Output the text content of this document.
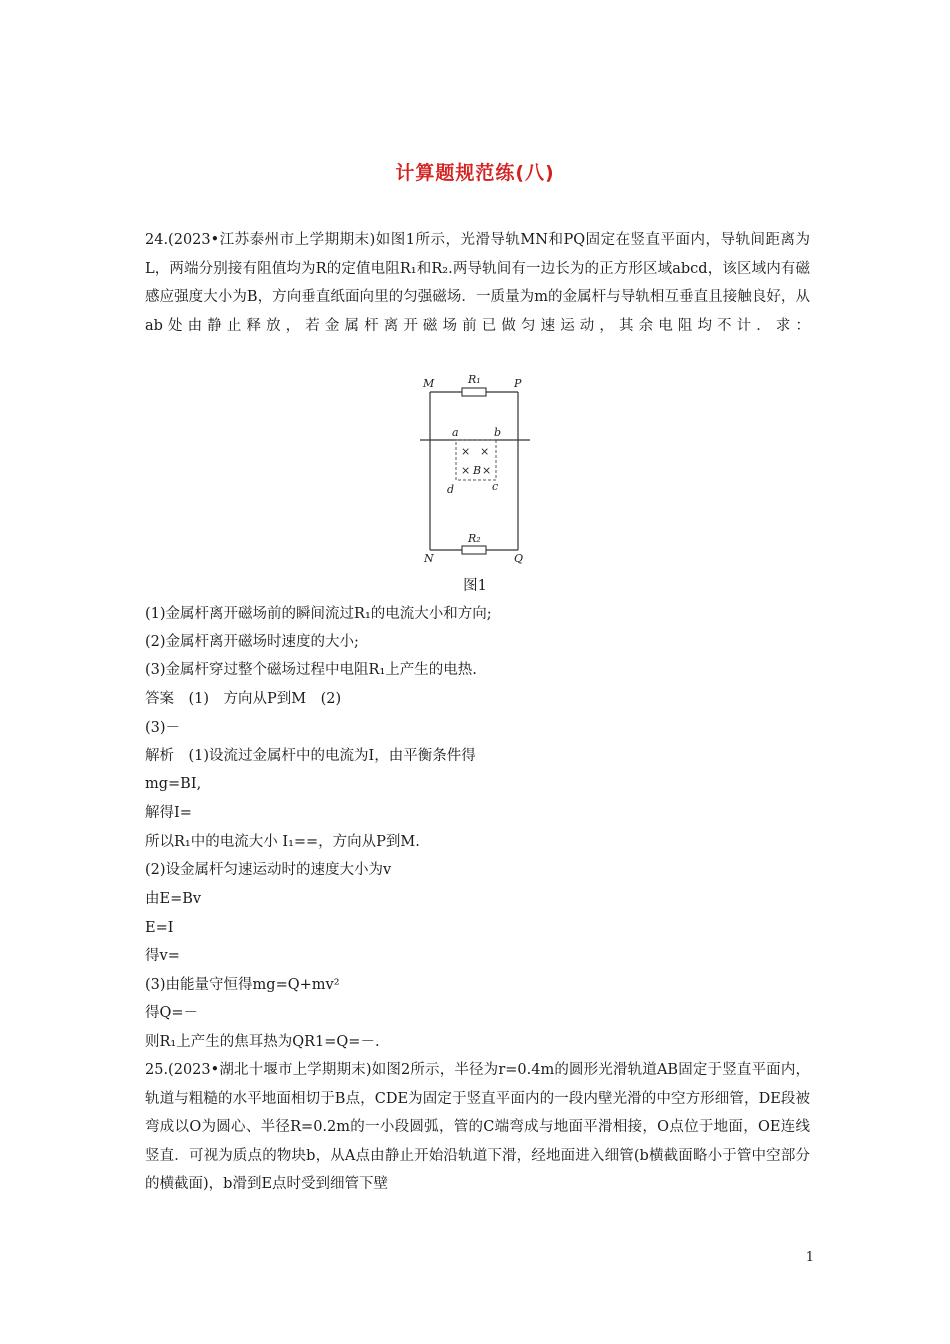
计算题规范练(八)
24.(2023•江苏泰州市上学期期末)如图1所示，光滑导轨MN和PQ固定在竖直平面内，导轨间距离为L，两端分别接有阻值均为R的定值电阻R₁和R₂.两导轨间有一边长为的正方形区域abcd，该区域内有磁感应强度大小为B，方向垂直纸面向里的匀强磁场．一质量为m的金属杆与导轨相互垂直且接触良好，从ab处由静止释放，若金属杆离开磁场前已做匀速运动，其余电阻均不计．求：
M	P
N	Q
R₁
R₂
a	b
c
d
× ×
× B ×
图1
(1)金属杆离开磁场前的瞬间流过R₁的电流大小和方向;
(2)金属杆离开磁场时速度的大小;
(3)金属杆穿过整个磁场过程中电阻R₁上产生的电热.
答案　(1)　方向从P到M　(2)
(3)－
解析　(1)设流过金属杆中的电流为I，由平衡条件得
mg=BI,
解得I=
所以R₁中的电流大小 I₁==，方向从P到M.
(2)设金属杆匀速运动时的速度大小为v
由E=Bv
E=I
得v=
(3)由能量守恒得mg=Q+mv²
得Q=－
则R₁上产生的焦耳热为QR1=Q=－.
25.(2023•湖北十堰市上学期期末)如图2所示，半径为r=0.4m的圆形光滑轨道AB固定于竖直平面内，轨道与粗糙的水平地面相切于B点，CDE为固定于竖直平面内的一段内壁光滑的中空方形细管，DE段被弯成以O为圆心、半径R=0.2m的一小段圆弧，管的C端弯成与地面平滑相接，O点位于地面，OE连线竖直．可视为质点的物块b，从A点由静止开始沿轨道下滑，经地面进入细管(b横截面略小于管中空部分的横截面)，b滑到E点时受到细管下壁
1
